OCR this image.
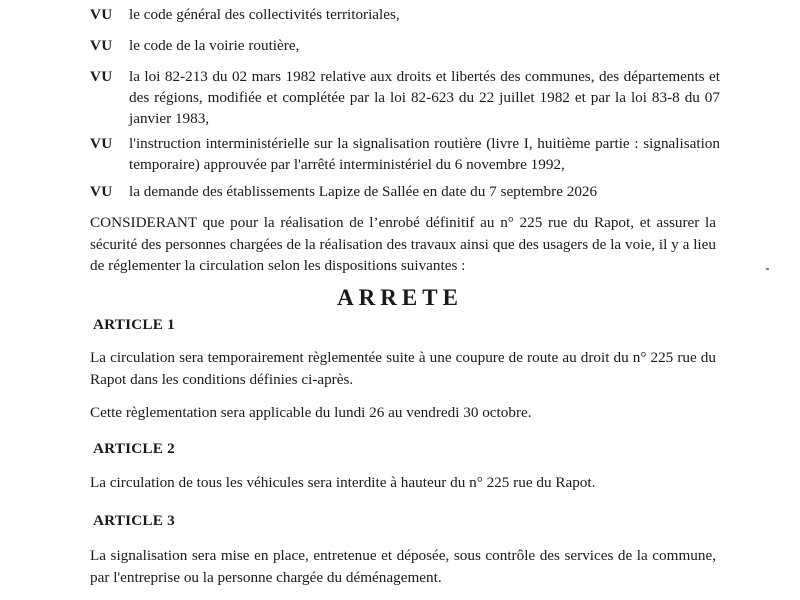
VU le code général des collectivités territoriales,
VU le code de la voirie routière,
VU la loi 82-213 du 02 mars 1982 relative aux droits et libertés des communes, des départements et des régions, modifiée et complétée par la loi 82-623 du 22 juillet 1982 et par la loi 83-8 du 07 janvier 1983,
VU l'instruction interministérielle sur la signalisation routière (livre I, huitième partie : signalisation temporaire) approuvée par l'arrêté interministériel du 6 novembre 1992,
VU la demande des établissements Lapize de Sallée en date du 7 septembre 2026
CONSIDERANT que pour la réalisation de l’enrobé définitif au n° 225 rue du Rapot, et assurer la sécurité des personnes chargées de la réalisation des travaux ainsi que des usagers de la voie, il y a lieu de réglementer la circulation selon les dispositions suivantes :
ARRETE
ARTICLE 1
La circulation sera temporairement règlementée suite à une coupure de route au droit du n° 225 rue du Rapot dans les conditions définies ci-après.
Cette règlementation sera applicable du lundi 26 au vendredi 30 octobre.
ARTICLE 2
La circulation de tous les véhicules sera interdite à hauteur du n° 225 rue du Rapot.
ARTICLE 3
La signalisation sera mise en place, entretenue et déposée, sous contrôle des services de la commune, par l'entreprise ou la personne chargée du déménagement.
